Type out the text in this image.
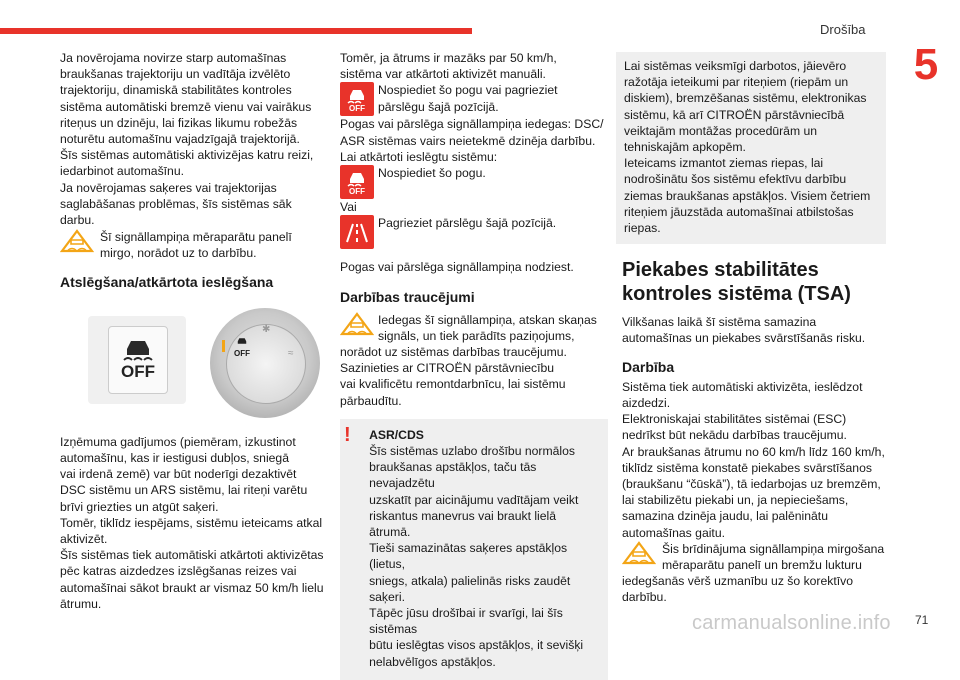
Drošība
5

Ja novērojama novirze starp automašīnas
braukšanas trajektoriju un vadītāja izvēlēto
trajektoriju, dinamiskā stabilitātes kontroles
sistēma automātiski bremzē vienu vai vairākus
riteņus un dzinēju, lai fizikas likumu robežās
noturētu automašīnu vajadzīgajā trajektorijā.

Šīs sistēmas automātiski aktivizējas katru reizi,
iedarbinot automašīnu.

Ja novērojamas saķeres vai trajektorijas
saglabāšanas problēmas, šīs sistēmas sāk
darbu.

Šī signāllampiņa mēraparātu panelī
mirgo, norādot uz to darbību.

Atslēgšana/atkārtota ieslēgšana
OFF
OFF
✱
≈

Izņēmuma gadījumos (piemēram, izkustinot
automašīnu, kas ir iestigusi dubļos, sniegā
vai irdenā zemē) var būt noderīgi dezaktivēt
DSC sistēmu un ARS sistēmu, lai riteņi varētu
brīvi griezties un atgūt saķeri.

Tomēr, tiklīdz iespējams, sistēmu ieteicams atkal
aktivizēt.

Šīs sistēmas tiek automātiski atkārtoti aktivizētas
pēc katras aizdedzes izslēgšanas reizes vai
automašīnai sākot braukt ar vismaz 50 km/h lielu
ātrumu.

Tomēr, ja ātrums ir mazāks par 50 km/h,
sistēma var atkārtoti aktivizēt manuāli.

OFF

Nospiediet šo pogu vai pagrieziet
pārslēgu šajā pozīcijā.

Pogas vai pārslēga signāllampiņa iedegas: DSC/
ASR sistēmas vairs neietekmē dzinēja darbību.

Lai atkārtoti ieslēgtu sistēmu:

OFF

Nospiediet šo pogu.

Vai

Pagrieziet pārslēgu šajā pozīcijā.

Pogas vai pārslēga signāllampiņa nodziest.

Darbības traucējumi

Iedegas šī signāllampiņa, atskan skaņas
signāls, un tiek parādīts paziņojums,

norādot uz sistēmas darbības traucējumu.
Sazinieties ar CITROËN pārstāvniecību
vai kvalificētu remontdarbnīcu, lai sistēmu
pārbaudītu.

!	ASR/CDS

Šīs sistēmas uzlabo drošību normālos
braukšanas apstākļos, taču tās nevajadzētu
uzskatīt par aicinājumu vadītājam veikt
riskantus manevrus vai braukt lielā ātrumā.
Tieši samazinātas saķeres apstākļos (lietus,
sniegs, atkala) palielinās risks zaudēt saķeri.
Tāpēc jūsu drošībai ir svarīgi, lai šīs sistēmas
būtu ieslēgtas visos apstākļos, it sevišķi
nelabvēlīgos apstākļos.

Lai sistēmas veiksmīgi darbotos, jāievēro
ražotāja ieteikumi par riteņiem (riepām un
diskiem), bremzēšanas sistēmu, elektronikas
sistēmu, kā arī CITROËN pārstāvniecībā
veiktajām montāžas procedūrām un
tehniskajām apkopēm.

Ieteicams izmantot ziemas riepas, lai
nodrošinātu šos sistēmu efektīvu darbību
ziemas braukšanas apstākļos. Visiem četriem
riteņiem jāuzstāda automašīnai atbilstošas
riepas.

Piekabes stabilitātes
kontroles sistēma (TSA)

Vilkšanas laikā šī sistēma samazina
automašīnas un piekabes svārstīšanās risku.

Darbība

Sistēma tiek automātiski aktivizēta, ieslēdzot
aizdedzi.

Elektroniskajai stabilitātes sistēmai (ESC)
nedrīkst būt nekādu darbības traucējumu.

Ar braukšanas ātrumu no 60 km/h līdz 160 km/h,
tiklīdz sistēma konstatē piekabes svārstīšanos
(braukšanu “čūskā”), tā iedarbojas uz bremzēm,
lai stabilizētu piekabi un, ja nepieciešams,
samazina dzinēja jaudu, lai palēninātu
automašīnas gaitu.

Šis brīdinājuma signāllampiņa mirgošana
mēraparātu panelī un bremžu lukturu

iedegšanās vērš uzmanību uz šo korektīvo
darbību.

carmanualsonline.info 71
